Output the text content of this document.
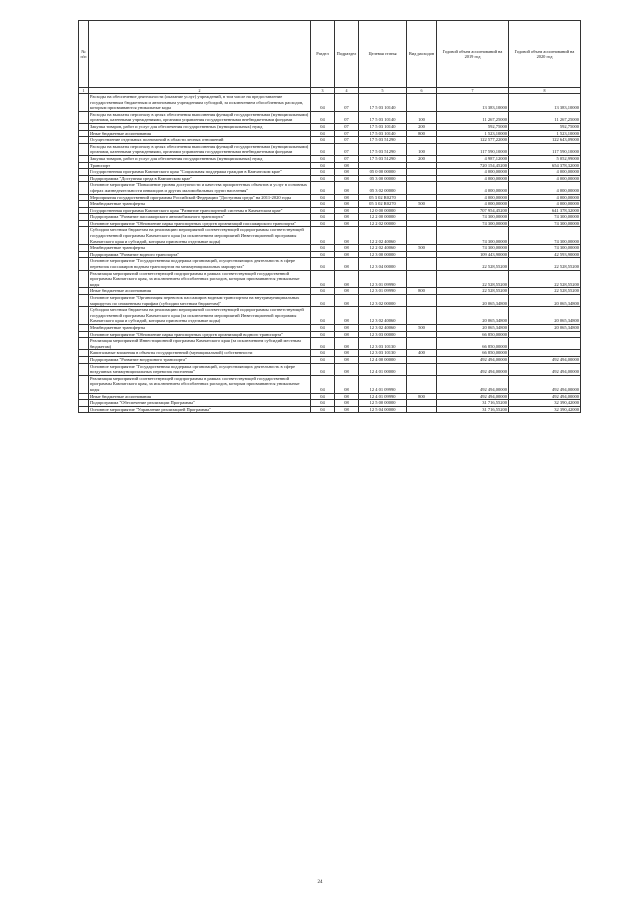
№ п/п		Раздел	Подраздел	Целевая статья	Вид расходов	Годовой объем ассигнований на 2019 год	Годовой объем ассигнований на 2020 год
1	2	3	4	5	6	7	8
	Расходы на обеспечение деятельности (оказание услуг) учреждений, в том числе на предоставление государственным бюджетным и автономным учреждениям субсидий, за исключением обособленных расходов, которым присваиваются уникальные коды	04	07	17 5 03 10140		13 383,10000	13 383,10000
	Расходы на выплаты персоналу в целях обеспечения выполнения функций государственными (муниципальными) органами, казенными учреждениями, органами управления государственными внебюджетными фондами	04	07	17 5 03 10140	100	11 267,25000	11 267,25000
	Закупка товаров, работ и услуг для обеспечения государственных (муниципальных) нужд	04	07	17 5 03 10140	200	592,75000	592,75000
	Иные бюджетные ассигнования	04	07	17 5 03 10140	800	1 523,10000	1 523,10000
	Осуществление отдельных полномочий в области лесных отношений	04	07	17 5 03 51290		122 577,22000	122 643,09000
	Расходы на выплаты персоналу в целях обеспечения выполнения функций государственными (муниципальными) органами, казенными учреждениями, органами управления государственными внебюджетными фондами	04	07	17 5 03 51290	100	117 590,10000	117 590,10000
	Закупка товаров, работ и услуг для обеспечения государственных (муниципальных) нужд	04	07	17 5 03 51290	200	4 987,12000	5 052,99000
	Транспорт	04	08			720 154,45200	654 378,32000
	Государственная программа Камчатского края "Социальная поддержка граждан в Камчатском крае"	04	08	05 0 00 00000		4 000,00000	4 000,00000
	Подпрограмма "Доступная среда в Камчатском крае"	04	08	05 3 00 00000		4 000,00000	4 000,00000
	Основное мероприятие "Повышение уровня доступности и качества приоритетных объектов и услуг в основных сферах жизнедеятельности инвалидов и других маломобильных групп населения"	04	08	05 3 02 00000		4 000,00000	4 000,00000
	Мероприятия государственной программы Российской Федерации "Доступная среда" на 2011-2020 годы	04	08	05 3 02 R0270		4 000,00000	4 000,00000
	Межбюджетные трансферты	04	08	05 3 02 R0270	500	4 000,00000	4 000,00000
	Государственная программа Камчатского края "Развитие транспортной системы в Камчатском крае"	04	08	12 0 00 00000		707 954,45200	641 378,32000
	Подпрограмма "Развитие пассажирского автомобильного транспорта"	04	08	12 2 00 00000		74 300,00000	74 300,00000
	Основное мероприятие "Обновление парка транспортных средств организаций пассажирского транспорта"	04	08	12 2 02 00000		74 300,00000	74 300,00000
	Субсидии местным бюджетам на реализацию мероприятий соответствующей подпрограммы соответствующей государственной программы Камчатского края (за исключением мероприятий Инвестиционной программы Камчатского края и субсидий, которым присвоены отдельные коды)	04	08	12 2 02 40060		74 300,00000	74 300,00000
	Межбюджетные трансферты	04	08	12 2 02 40060	500	74 300,00000	74 300,00000
	Подпрограмма "Развитие водного транспорта"	04	08	12 3 00 00000		109 443,90000	42 593,90000
	Основное мероприятие "Государственная поддержка организаций, осуществляющих деятельность в сфере перевозок пассажиров водным транспортом на межмуниципальных маршрутах"	04	08	12 3 04 00000		22 528,55200	22 528,55200
	Реализация мероприятий соответствующей подпрограммы в рамках соответствующей государственной программы Камчатского края, за исключением обособленных расходов, которым присваиваются уникальные коды	04	08	12 3 01 09990		22 528,55200	22 528,55200
	Иные бюджетные ассигнования	04	08	12 3 01 09990	800	22 528,55200	22 528,55200
	Основное мероприятие "Организация перевозок пассажиров водным транспортом на внутримуниципальных маршрутах по сниженным тарифам (субсидии местным бюджетам)"	04	08	12 3 02 00000		20 065,34800	20 065,34800
	Субсидии местным бюджетам на реализацию мероприятий соответствующей подпрограммы соответствующей государственной программы Камчатского края (за исключением мероприятий Инвестиционной программы Камчатского края и субсидий, которым присвоены отдельные коды)	04	08	12 3 02 40060		20 065,34800	20 065,34800
	Межбюджетные трансферты	04	08	12 3 02 40060	500	20 065,34800	20 065,34800
	Основное мероприятие "Обновление парка транспортных средств организаций водного транспорта"	04	08	12 3 03 00000		66 850,00000	
	Реализация мероприятий Инвестиционной программы Камчатского края (за исключением субсидий местным бюджетам)	04	08	12 3 03 10130		66 850,00000	
	Капитальные вложения в объекты государственной (муниципальной) собственности	04	08	12 3 03 10130	400	66 850,00000	
	Подпрограмма "Развитие воздушного транспорта"	04	08	12 4 00 00000		492 494,00000	492 494,00000
	Основное мероприятие "Государственная поддержка организаций, осуществляющих деятельность в сфере воздушных межмуниципальных перевозок населения"	04	08	12 4 01 00000		492 494,00000	492 494,00000
	Реализация мероприятий соответствующей подпрограммы в рамках соответствующей государственной программы Камчатского края, за исключением обособленных расходов, которым присваиваются уникальные коды	04	08	12 4 01 09990		492 494,00000	492 494,00000
	Иные бюджетные ассигнования	04	08	12 4 01 09990	800	492 494,00000	492 494,00000
	Подпрограмма "Обеспечение реализации Программы"	04	08	12 5 00 00000		31 716,55200	32 390,42000
	Основное мероприятие "Управление реализацией Программы"	04	08	12 5 04 00000		31 716,55200	32 390,42000
24
